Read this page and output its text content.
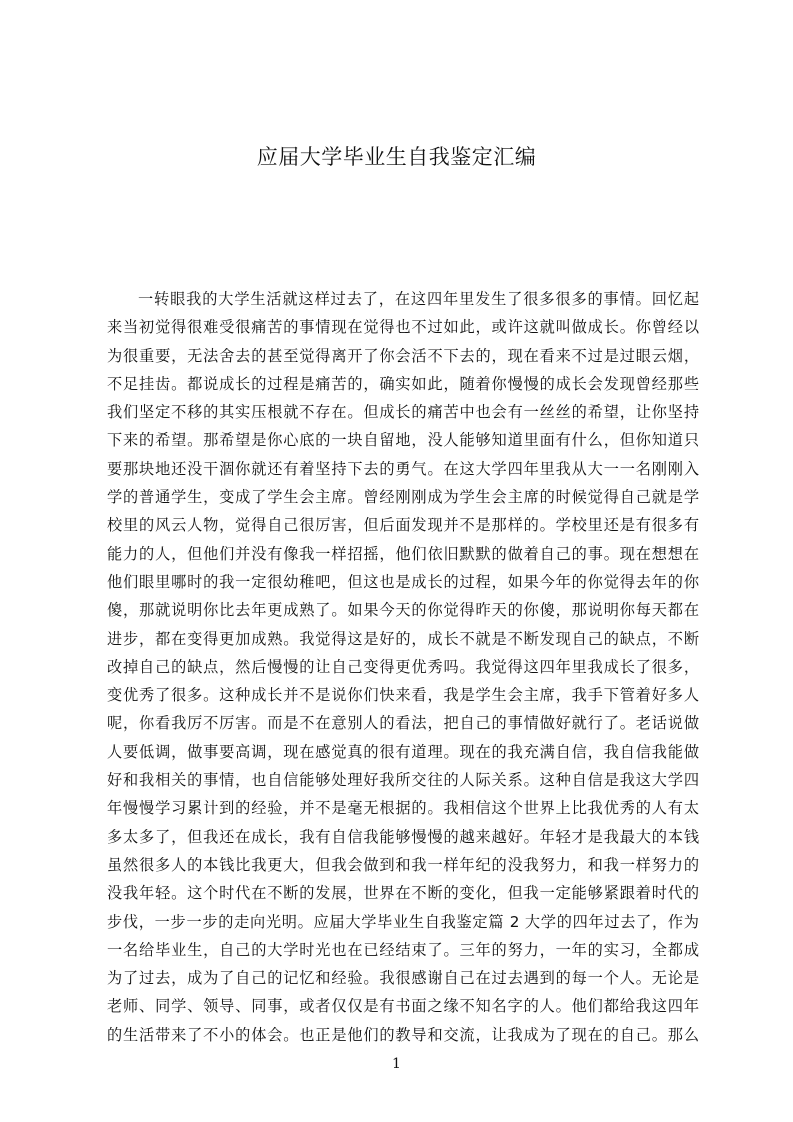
应届大学毕业生自我鉴定汇编
一转眼我的大学生活就这样过去了，在这四年里发生了很多很多的事情。回忆起
来当初觉得很难受很痛苦的事情现在觉得也不过如此，或许这就叫做成长。你曾经以
为很重要，无法舍去的甚至觉得离开了你会活不下去的，现在看来不过是过眼云烟，
不足挂齿。都说成长的过程是痛苦的，确实如此，随着你慢慢的成长会发现曾经那些
我们坚定不移的其实压根就不存在。但成长的痛苦中也会有一丝丝的希望，让你坚持
下来的希望。那希望是你心底的一块自留地，没人能够知道里面有什么，但你知道只
要那块地还没干涸你就还有着坚持下去的勇气。在这大学四年里我从大一一名刚刚入
学的普通学生，变成了学生会主席。曾经刚刚成为学生会主席的时候觉得自己就是学
校里的风云人物，觉得自己很厉害，但后面发现并不是那样的。学校里还是有很多有
能力的人，但他们并没有像我一样招摇，他们依旧默默的做着自己的事。现在想想在
他们眼里哪时的我一定很幼稚吧，但这也是成长的过程，如果今年的你觉得去年的你
傻，那就说明你比去年更成熟了。如果今天的你觉得昨天的你傻，那说明你每天都在
进步，都在变得更加成熟。我觉得这是好的，成长不就是不断发现自己的缺点，不断
改掉自己的缺点，然后慢慢的让自己变得更优秀吗。我觉得这四年里我成长了很多，
变优秀了很多。这种成长并不是说你们快来看，我是学生会主席，我手下管着好多人
呢，你看我厉不厉害。而是不在意别人的看法，把自己的事情做好就行了。老话说做
人要低调，做事要高调，现在感觉真的很有道理。现在的我充满自信，我自信我能做
好和我相关的事情，也自信能够处理好我所交往的人际关系。这种自信是我这大学四
年慢慢学习累计到的经验，并不是毫无根据的。我相信这个世界上比我优秀的人有太
多太多了，但我还在成长，我有自信我能够慢慢的越来越好。年轻才是我最大的本钱
虽然很多人的本钱比我更大，但我会做到和我一样年纪的没我努力，和我一样努力的
没我年轻。这个时代在不断的发展，世界在不断的变化，但我一定能够紧跟着时代的
步伐，一步一步的走向光明。应届大学毕业生自我鉴定篇 2 大学的四年过去了，作为
一名给毕业生，自己的大学时光也在已经结束了。三年的努力，一年的实习，全都成
为了过去，成为了自己的记忆和经验。我很感谢自己在过去遇到的每一个人。无论是
老师、同学、领导、同事，或者仅仅是有书面之缘不知名字的人。他们都给我这四年
的生活带来了不小的体会。也正是他们的教导和交流，让我成为了现在的自己。那么
1
